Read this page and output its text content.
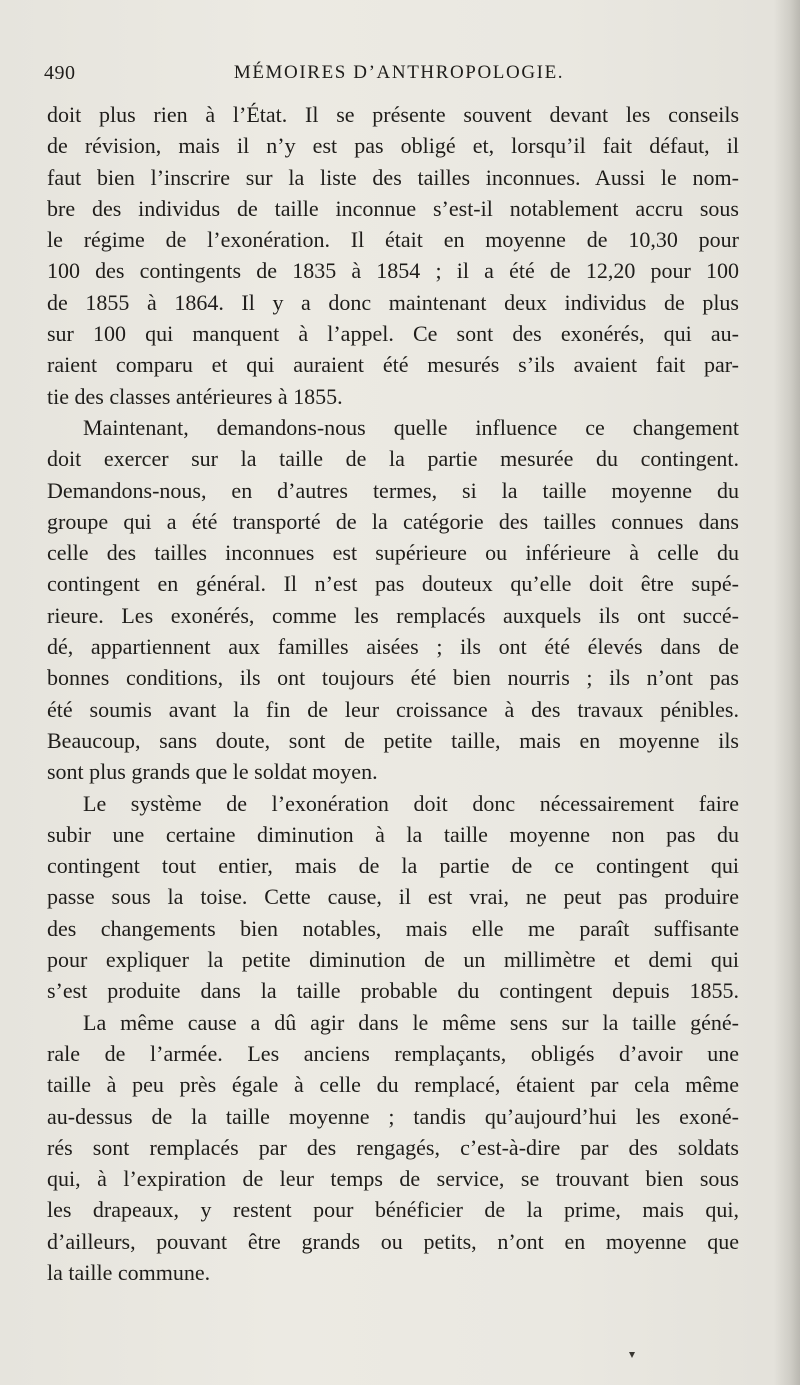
490	MÉMOIRES D’ANTHROPOLOGIE.
doit plus rien à l’État. Il se présente souvent devant les conseils
de révision, mais il n’y est pas obligé et, lorsqu’il fait défaut, il
faut bien l’inscrire sur la liste des tailles inconnues. Aussi le nom-
bre des individus de taille inconnue s’est-il notablement accru sous
le régime de l’exonération. Il était en moyenne de 10,30 pour
100 des contingents de 1835 à 1854 ; il a été de 12,20 pour 100
de 1855 à 1864. Il y a donc maintenant deux individus de plus
sur 100 qui manquent à l’appel. Ce sont des exonérés, qui au-
raient comparu et qui auraient été mesurés s’ils avaient fait par-
tie des classes antérieures à 1855.
Maintenant, demandons-nous quelle influence ce changement
doit exercer sur la taille de la partie mesurée du contingent.
Demandons-nous, en d’autres termes, si la taille moyenne du
groupe qui a été transporté de la catégorie des tailles connues dans
celle des tailles inconnues est supérieure ou inférieure à celle du
contingent en général. Il n’est pas douteux qu’elle doit être supé-
rieure. Les exonérés, comme les remplacés auxquels ils ont succé-
dé, appartiennent aux familles aisées ; ils ont été élevés dans de
bonnes conditions, ils ont toujours été bien nourris ; ils n’ont pas
été soumis avant la fin de leur croissance à des travaux pénibles.
Beaucoup, sans doute, sont de petite taille, mais en moyenne ils
sont plus grands que le soldat moyen.
Le système de l’exonération doit donc nécessairement faire
subir une certaine diminution à la taille moyenne non pas du
contingent tout entier, mais de la partie de ce contingent qui
passe sous la toise. Cette cause, il est vrai, ne peut pas produire
des changements bien notables, mais elle me paraît suffisante
pour expliquer la petite diminution de un millimètre et demi qui
s’est produite dans la taille probable du contingent depuis 1855.
La même cause a dû agir dans le même sens sur la taille géné-
rale de l’armée. Les anciens remplaçants, obligés d’avoir une
taille à peu près égale à celle du remplacé, étaient par cela même
au-dessus de la taille moyenne ; tandis qu’aujourd’hui les exoné-
rés sont remplacés par des rengagés, c’est-à-dire par des soldats
qui, à l’expiration de leur temps de service, se trouvant bien sous
les drapeaux, y restent pour bénéficier de la prime, mais qui,
d’ailleurs, pouvant être grands ou petits, n’ont en moyenne que
la taille commune.
